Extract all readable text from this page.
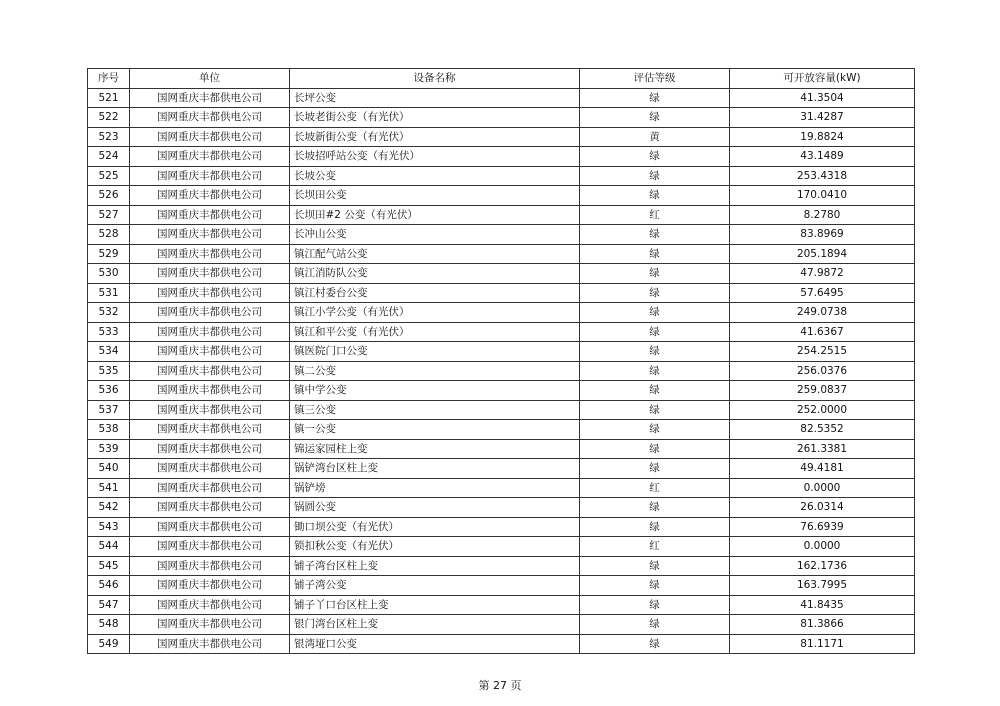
序号	单位	设备名称	评估等级	可开放容量(kW)
521	国网重庆丰都供电公司	长坪公变	绿	41.3504
522	国网重庆丰都供电公司	长坡老街公变（有光伏）	绿	31.4287
523	国网重庆丰都供电公司	长坡新街公变（有光伏）	黄	19.8824
524	国网重庆丰都供电公司	长坡招呼站公变（有光伏）	绿	43.1489
525	国网重庆丰都供电公司	长坡公变	绿	253.4318
526	国网重庆丰都供电公司	长坝田公变	绿	170.0410
527	国网重庆丰都供电公司	长坝田#2 公变（有光伏）	红	8.2780
528	国网重庆丰都供电公司	长冲山公变	绿	83.8969
529	国网重庆丰都供电公司	镇江配气站公变	绿	205.1894
530	国网重庆丰都供电公司	镇江消防队公变	绿	47.9872
531	国网重庆丰都供电公司	镇江村委台公变	绿	57.6495
532	国网重庆丰都供电公司	镇江小学公变（有光伏）	绿	249.0738
533	国网重庆丰都供电公司	镇江和平公变（有光伏）	绿	41.6367
534	国网重庆丰都供电公司	镇医院门口公变	绿	254.2515
535	国网重庆丰都供电公司	镇二公变	绿	256.0376
536	国网重庆丰都供电公司	镇中学公变	绿	259.0837
537	国网重庆丰都供电公司	镇三公变	绿	252.0000
538	国网重庆丰都供电公司	镇一公变	绿	82.5352
539	国网重庆丰都供电公司	锦运家园柱上变	绿	261.3381
540	国网重庆丰都供电公司	锅铲湾台区柱上变	绿	49.4181
541	国网重庆丰都供电公司	锅铲塝	红	0.0000
542	国网重庆丰都供电公司	锅圆公变	绿	26.0314
543	国网重庆丰都供电公司	锄口坝公变（有光伏）	绿	76.6939
544	国网重庆丰都供电公司	锁扣秋公变（有光伏）	红	0.0000
545	国网重庆丰都供电公司	铺子湾台区柱上变	绿	162.1736
546	国网重庆丰都供电公司	铺子湾公变	绿	163.7995
547	国网重庆丰都供电公司	铺子丫口台区柱上变	绿	41.8435
548	国网重庆丰都供电公司	银门湾台区柱上变	绿	81.3866
549	国网重庆丰都供电公司	银湾垭口公变	绿	81.1171
第 27 页
